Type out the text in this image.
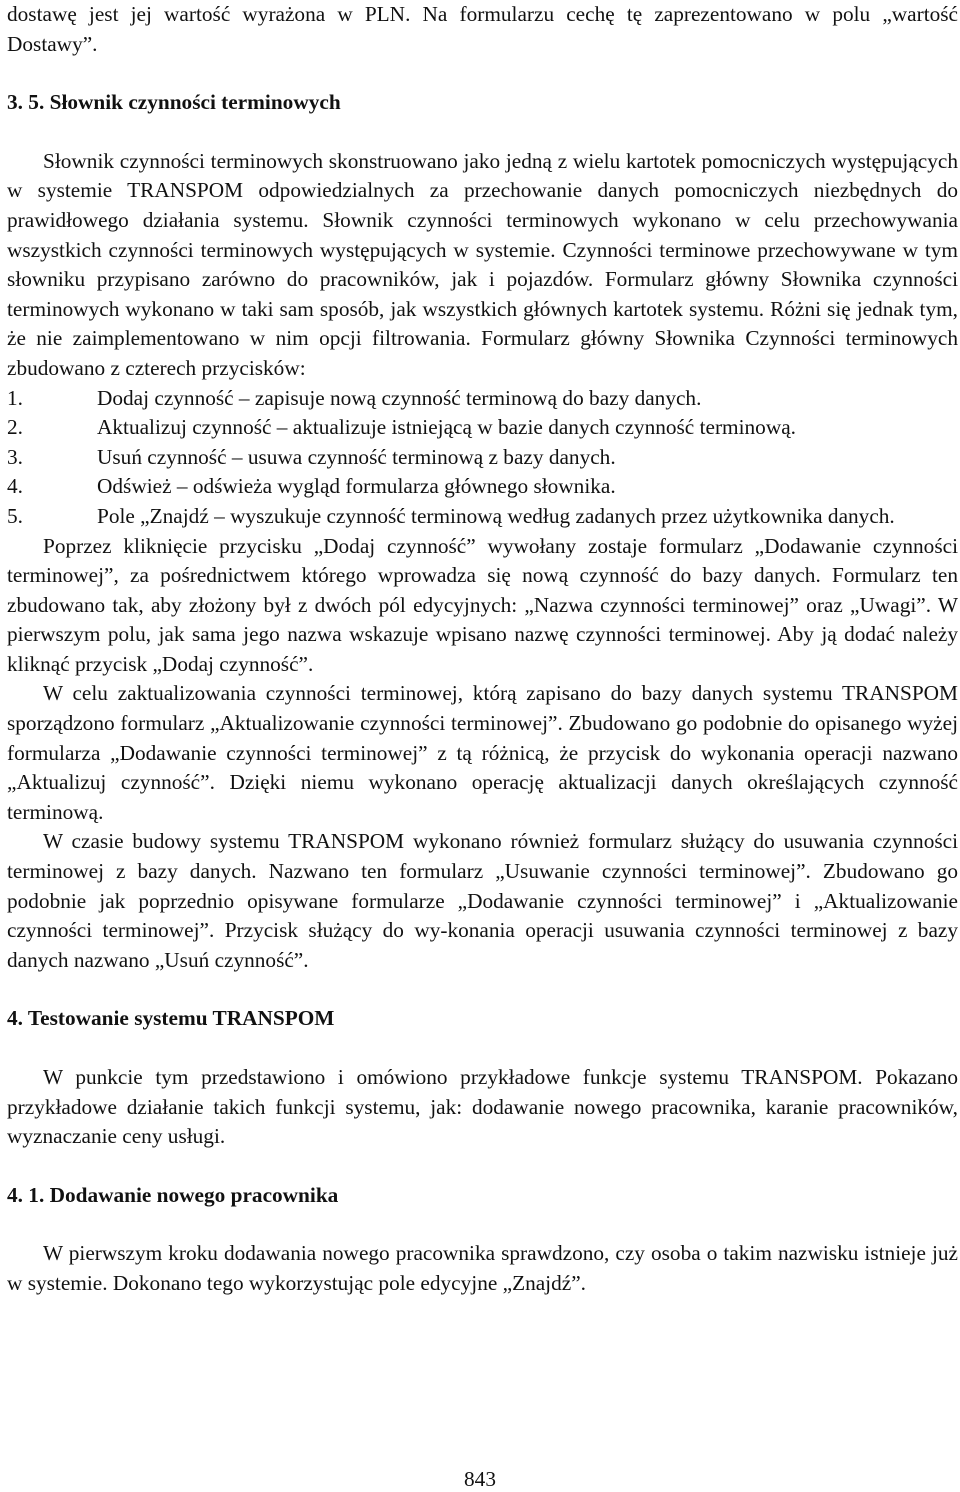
dostawę jest jej wartość wyrażona w PLN. Na formularzu cechę tę zaprezentowano w polu „wartość Dostawy”.

3. 5. Słownik czynności terminowych

Słownik czynności terminowych skonstruowano jako jedną z wielu kartotek pomocniczych występujących w systemie TRANSPOM odpowiedzialnych za przechowanie danych pomocniczych niezbędnych do prawidłowego działania systemu. Słownik czynności terminowych wykonano w celu przechowywania wszystkich czynności terminowych występujących w systemie. Czynności terminowe przechowywane w tym słowniku przypisano zarówno do pracowników, jak i pojazdów. Formularz główny Słownika czynności terminowych wykonano w taki sam sposób, jak wszystkich głównych kartotek systemu. Różni się jednak tym, że nie zaimplementowano w nim opcji filtrowania. Formularz główny Słownika Czynności terminowych zbudowano z czterech przycisków:

1.	Dodaj czynność – zapisuje nową czynność terminową do bazy danych.
2.	Aktualizuj czynność – aktualizuje istniejącą w bazie danych czynność terminową.
3.	Usuń czynność – usuwa czynność terminową z bazy danych.
4.	Odśwież – odświeża wygląd formularza głównego słownika.
5.	Pole „Znajdź – wyszukuje czynność terminową według zadanych przez użytkownika danych.

Poprzez kliknięcie przycisku „Dodaj czynność” wywołany zostaje formularz „Dodawanie czynności terminowej”, za pośrednictwem którego wprowadza się nową czynność do bazy danych. Formularz ten zbudowano tak, aby złożony był z dwóch pól edycyjnych: „Nazwa czynności terminowej” oraz „Uwagi”. W pierwszym polu, jak sama jego nazwa wskazuje wpisano nazwę czynności terminowej. Aby ją dodać należy kliknąć przycisk „Dodaj czynność”.

W celu zaktualizowania czynności terminowej, którą zapisano do bazy danych systemu TRANSPOM sporządzono formularz „Aktualizowanie czynności terminowej”. Zbudowano go podobnie do opisanego wyżej formularza „Dodawanie czynności terminowej” z tą różnicą, że przycisk do wykonania operacji nazwano „Aktualizuj czynność”. Dzięki niemu wykonano operację aktualizacji danych określających czynność terminową.

W czasie budowy systemu TRANSPOM wykonano również formularz służący do usuwania czynności terminowej z bazy danych. Nazwano ten formularz „Usuwanie czynności terminowej”. Zbudowano go podobnie jak poprzednio opisywane formularze „Dodawanie czynności terminowej” i „Aktualizowanie czynności terminowej”. Przycisk służący do wy-konania operacji usuwania czynności terminowej z bazy danych nazwano „Usuń czynność”.

4. Testowanie systemu TRANSPOM

W punkcie tym przedstawiono i omówiono przykładowe funkcje systemu TRANSPOM. Pokazano przykładowe działanie takich funkcji systemu, jak: dodawanie nowego pracownika, karanie pracowników, wyznaczanie ceny usługi.

4. 1. Dodawanie nowego pracownika

W pierwszym kroku dodawania nowego pracownika sprawdzono, czy osoba o takim nazwisku istnieje już w systemie. Dokonano tego wykorzystując pole edycyjne „Znajdź”.

843
